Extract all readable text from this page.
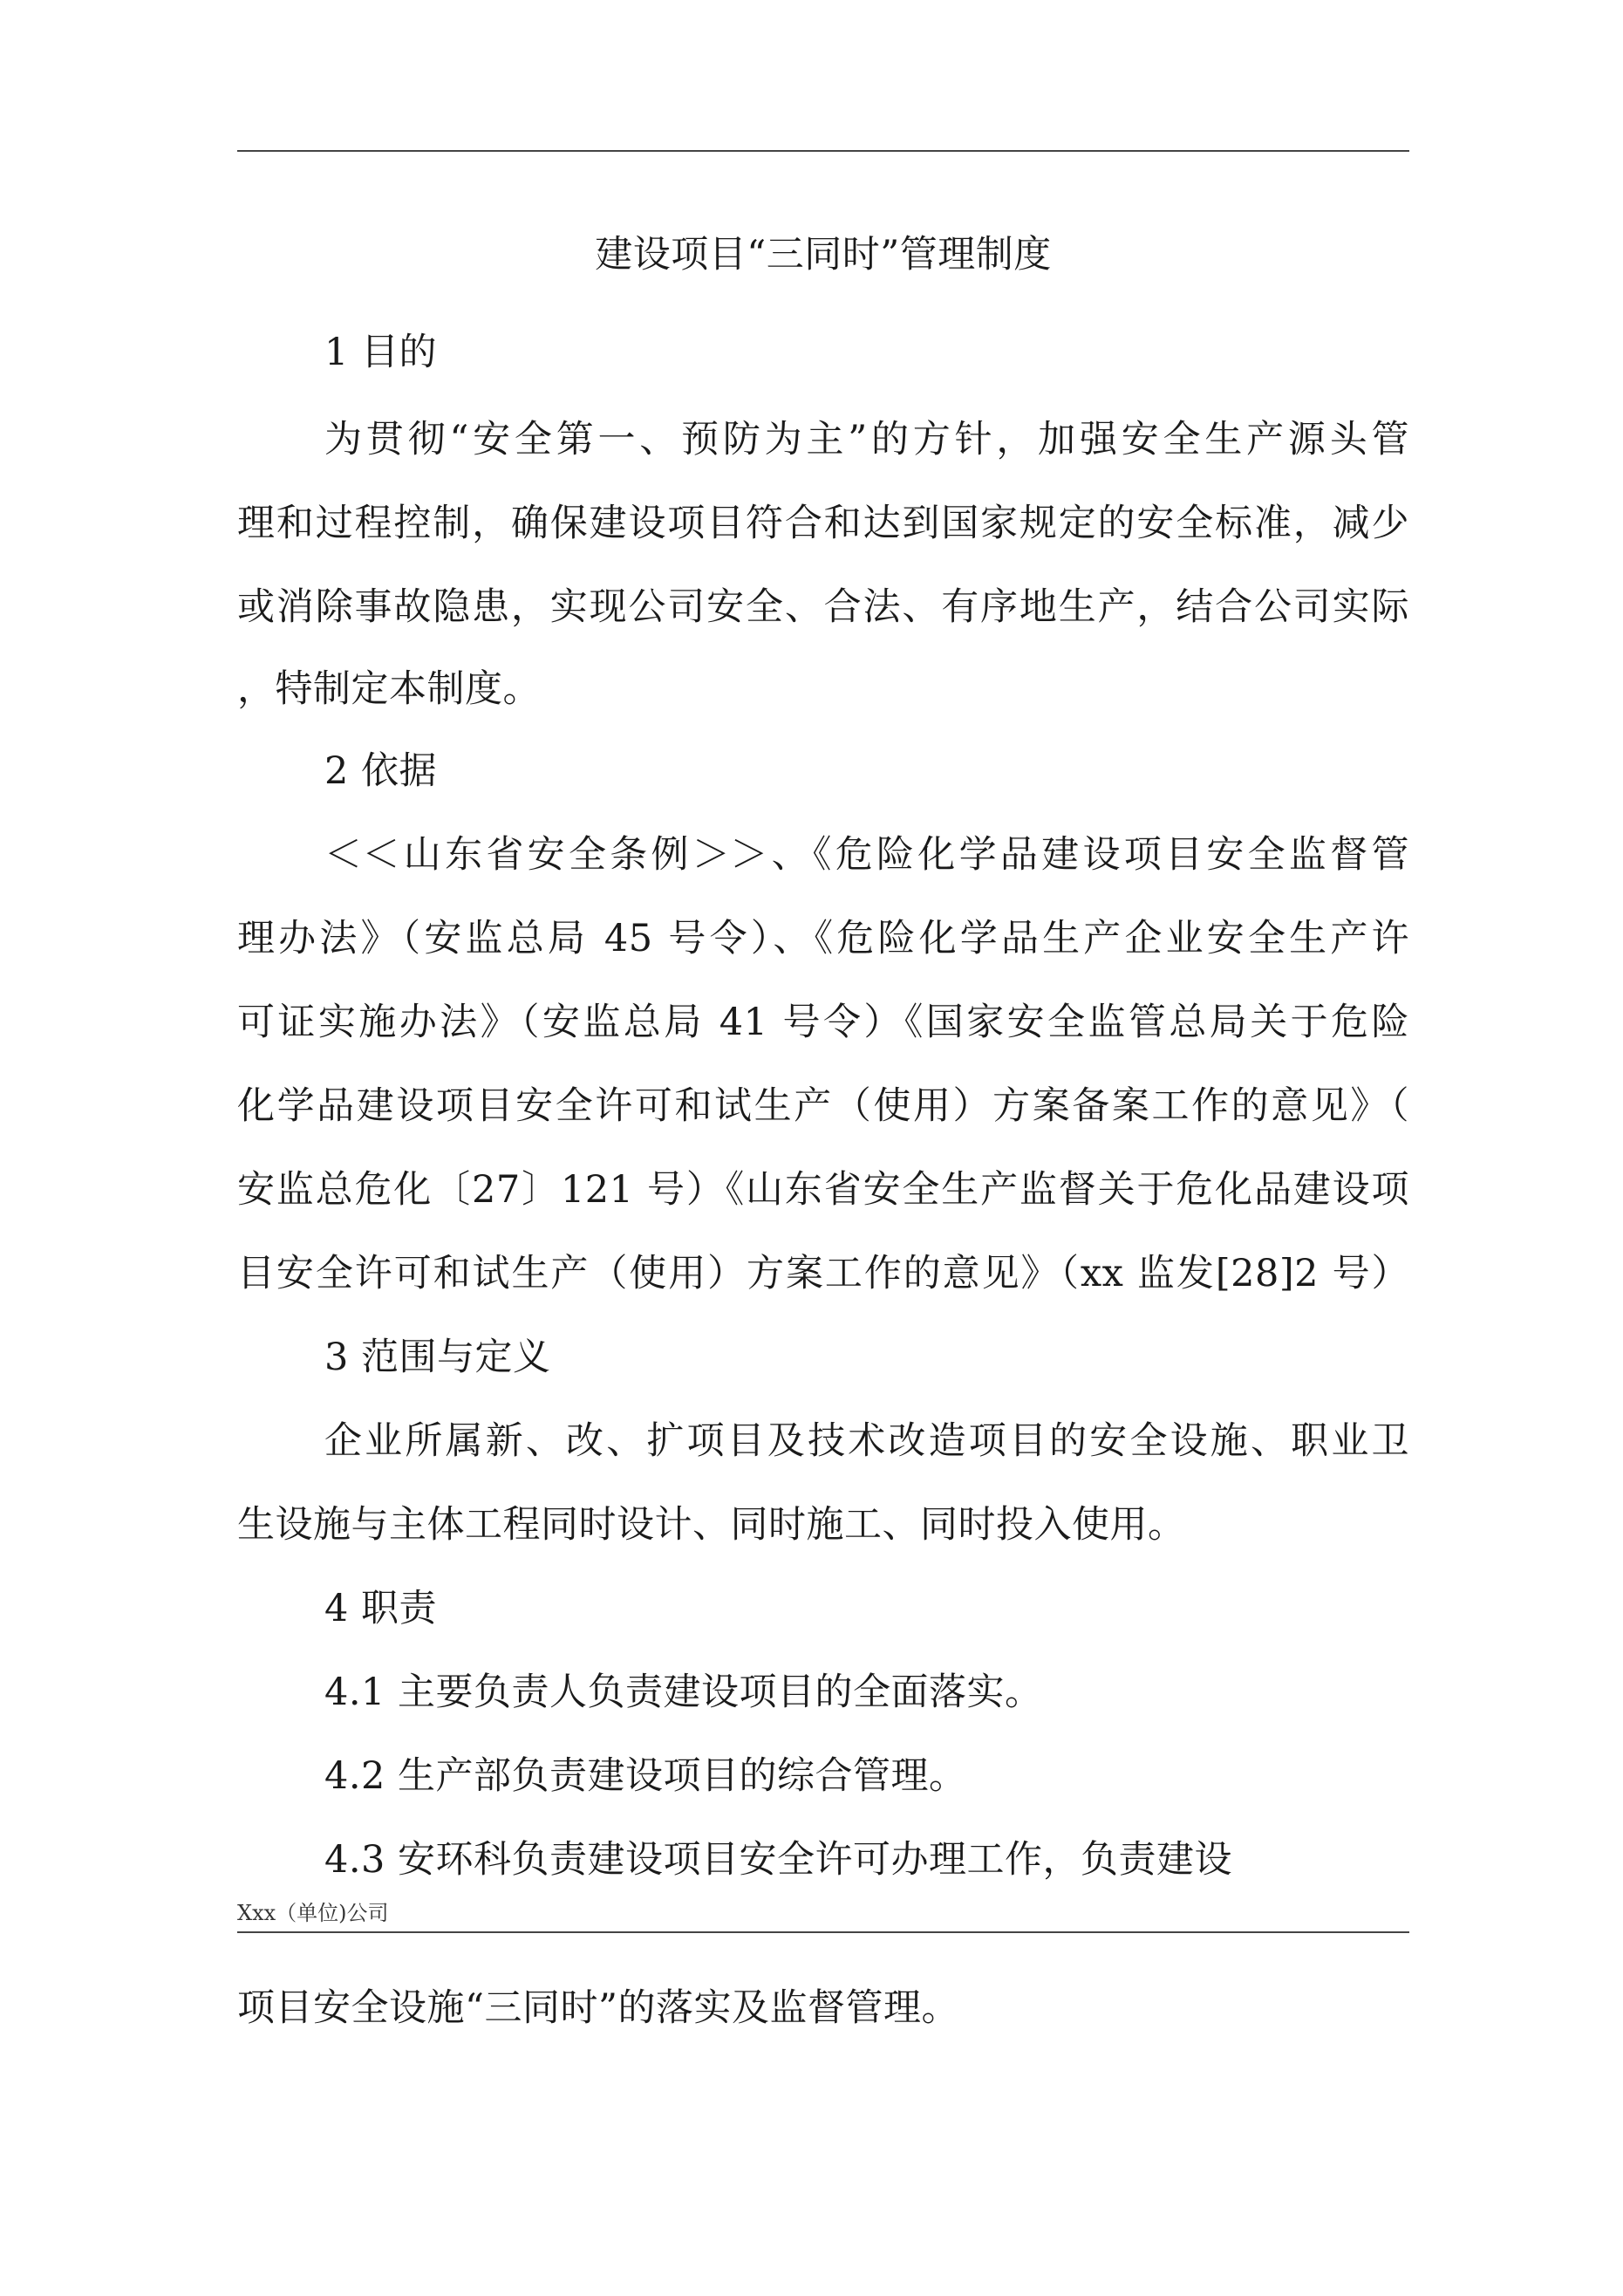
建设项目“三同时”管理制度
1 目的
为贯彻“安全第一、预防为主”的方针，加强安全生产源头管
理和过程控制，确保建设项目符合和达到国家规定的安全标准，减少
或消除事故隐患，实现公司安全、合法、有序地生产，结合公司实际
，特制定本制度。
2 依据
＜＜山东省安全条例＞＞、《危险化学品建设项目安全监督管
理办法》（安监总局 45 号令）、《危险化学品生产企业安全生产许
可证实施办法》（安监总局 41 号令）《国家安全监管总局关于危险
化学品建设项目安全许可和试生产（使用）方案备案工作的意见》（
安监总危化〔27〕121 号）《山东省安全生产监督关于危化品建设项
目安全许可和试生产（使用）方案工作的意见》（xx 监发[28]2 号）
3 范围与定义
企业所属新、改、扩项目及技术改造项目的安全设施、职业卫
生设施与主体工程同时设计、同时施工、同时投入使用。
4 职责
4.1 主要负责人负责建设项目的全面落实。
4.2 生产部负责建设项目的综合管理。
4.3 安环科负责建设项目安全许可办理工作，负责建设
Xxx（单位)公司
项目安全设施“三同时”的落实及监督管理。
